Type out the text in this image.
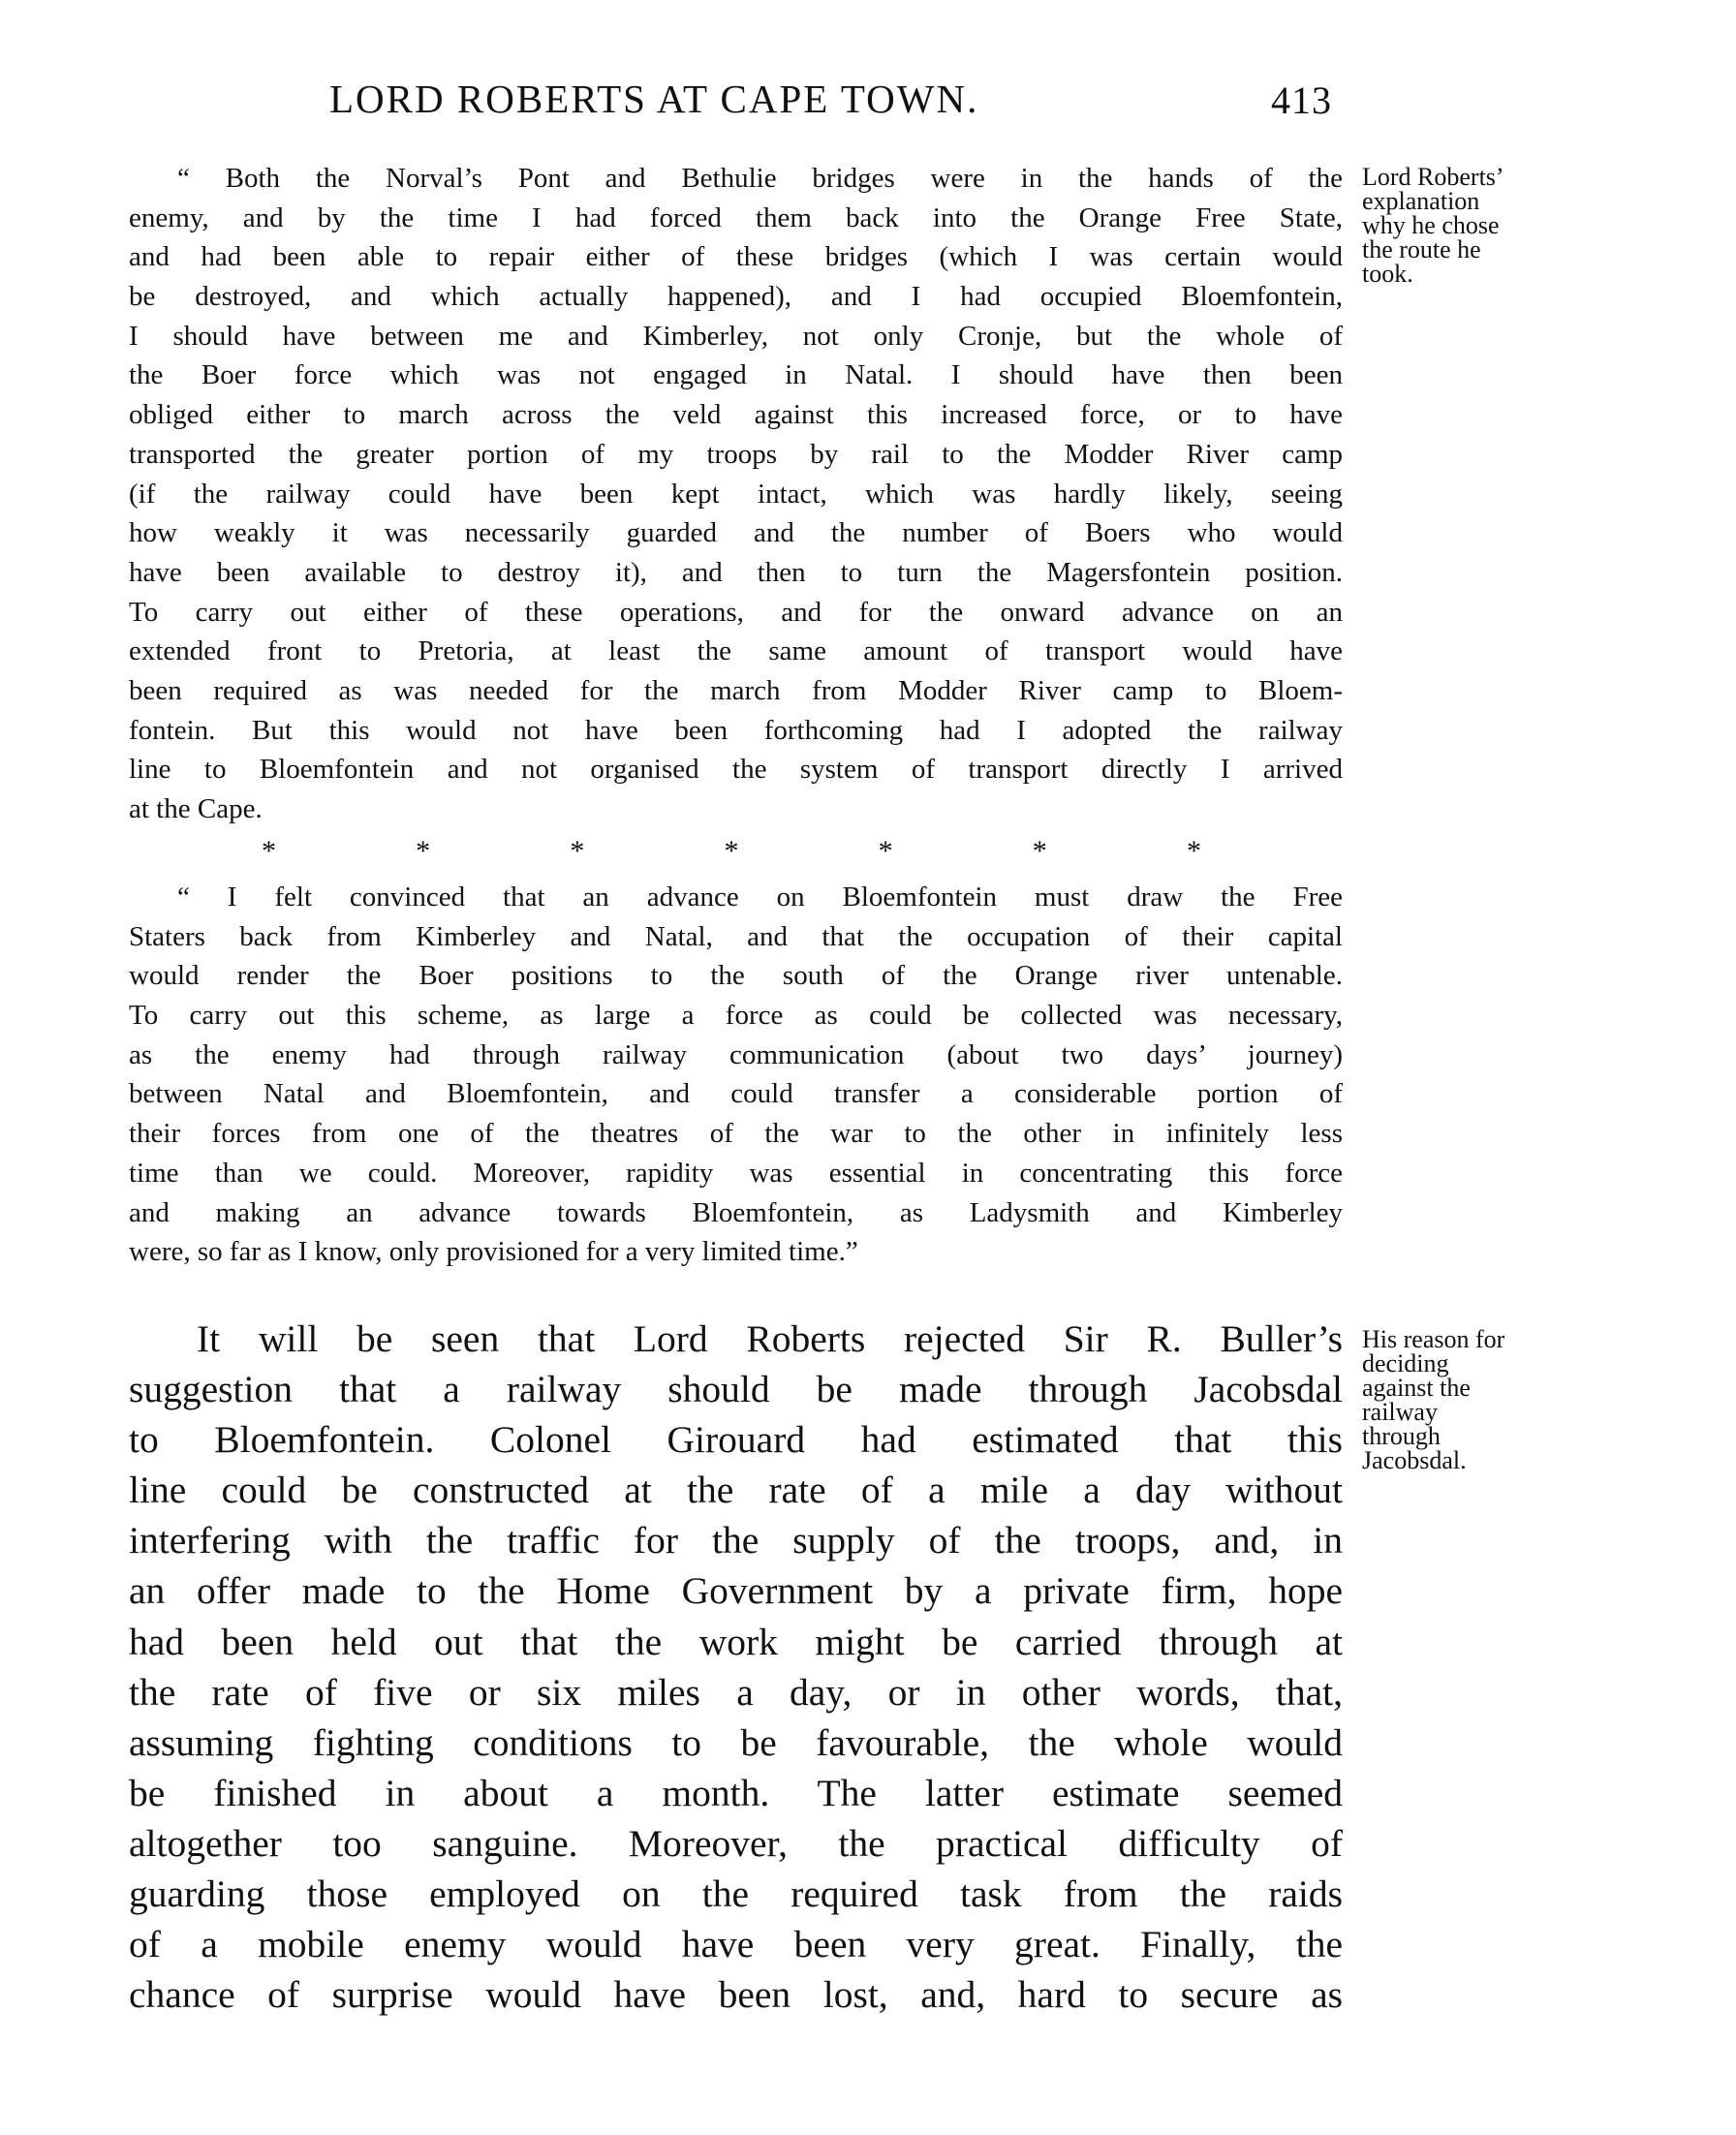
LORD ROBERTS AT CAPE TOWN.	413
“ Both the Norval’s Pont and Bethulie bridges were in the hands of the
enemy, and by the time I had forced them back into the Orange Free State,
and had been able to repair either of these bridges (which I was certain would
be destroyed, and which actually happened), and I had occupied Bloemfontein,
I should have between me and Kimberley, not only Cronje, but the whole of
the Boer force which was not engaged in Natal. I should have then been
obliged either to march across the veld against this increased force, or to have
transported the greater portion of my troops by rail to the Modder River camp
(if the railway could have been kept intact, which was hardly likely, seeing
how weakly it was necessarily guarded and the number of Boers who would
have been available to destroy it), and then to turn the Magersfontein position.
To carry out either of these operations, and for the onward advance on an
extended front to Pretoria, at least the same amount of transport would have
been required as was needed for the march from Modder River camp to Bloem-
fontein. But this would not have been forthcoming had I adopted the railway
line to Bloemfontein and not organised the system of transport directly I arrived
at the Cape.
*	*	*	*	*	*	*
“ I felt convinced that an advance on Bloemfontein must draw the Free
Staters back from Kimberley and Natal, and that the occupation of their capital
would render the Boer positions to the south of the Orange river untenable.
To carry out this scheme, as large a force as could be collected was necessary,
as the enemy had through railway communication (about two days’ journey)
between Natal and Bloemfontein, and could transfer a considerable portion of
their forces from one of the theatres of the war to the other in infinitely less
time than we could. Moreover, rapidity was essential in concentrating this force
and making an advance towards Bloemfontein, as Ladysmith and Kimberley
were, so far as I know, only provisioned for a very limited time.”
It will be seen that Lord Roberts rejected Sir R. Buller’s
suggestion that a railway should be made through Jacobsdal
to Bloemfontein. Colonel Girouard had estimated that this
line could be constructed at the rate of a mile a day without
interfering with the traffic for the supply of the troops, and, in
an offer made to the Home Government by a private firm, hope
had been held out that the work might be carried through at
the rate of five or six miles a day, or in other words, that,
assuming fighting conditions to be favourable, the whole would
be finished in about a month. The latter estimate seemed
altogether too sanguine. Moreover, the practical difficulty of
guarding those employed on the required task from the raids
of a mobile enemy would have been very great. Finally, the
chance of surprise would have been lost, and, hard to secure as
Lord Roberts’
explanation
why he chose
the route he
took.
His reason for
deciding
against the
railway
through
Jacobsdal.
